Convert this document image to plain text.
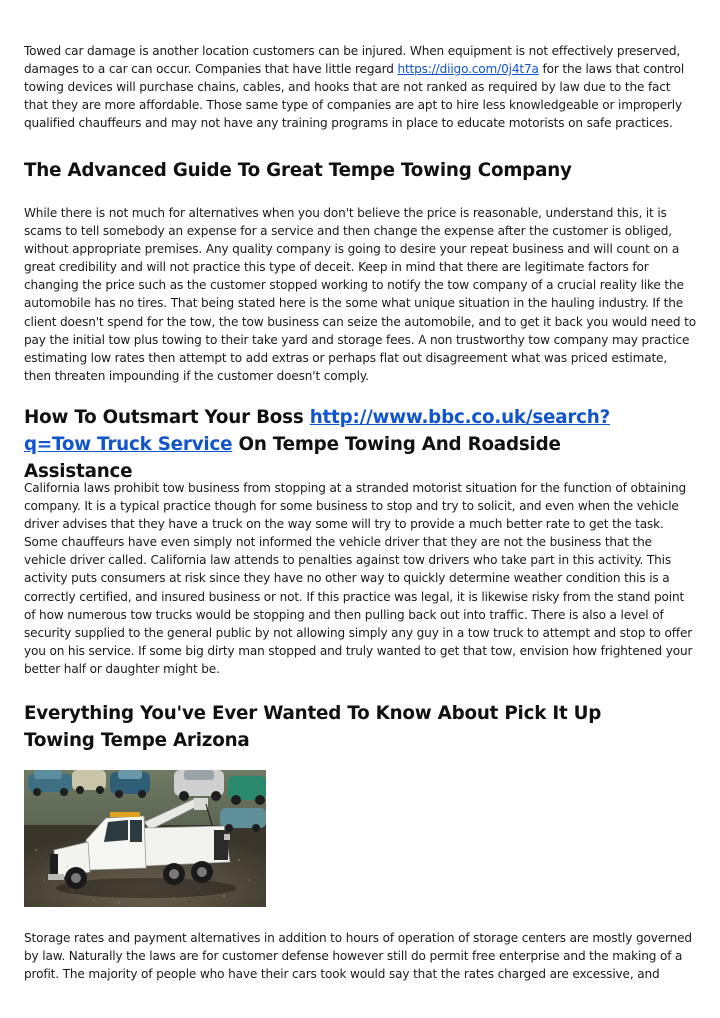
Towed car damage is another location customers can be injured. When equipment is not effectively preserved, damages to a car can occur. Companies that have little regard https://diigo.com/0j4t7a for the laws that control towing devices will purchase chains, cables, and hooks that are not ranked as required by law due to the fact that they are more affordable. Those same type of companies are apt to hire less knowledgeable or improperly qualified chauffeurs and may not have any training programs in place to educate motorists on safe practices.

The Advanced Guide To Great Tempe Towing Company

While there is not much for alternatives when you don't believe the price is reasonable, understand this, it is scams to tell somebody an expense for a service and then change the expense after the customer is obliged, without appropriate premises. Any quality company is going to desire your repeat business and will count on a great credibility and will not practice this type of deceit. Keep in mind that there are legitimate factors for changing the price such as the customer stopped working to notify the tow company of a crucial reality like the automobile has no tires. That being stated here is the some what unique situation in the hauling industry. If the client doesn't spend for the tow, the tow business can seize the automobile, and to get it back you would need to pay the initial tow plus towing to their take yard and storage fees. A non trustworthy tow company may practice estimating low rates then attempt to add extras or perhaps flat out disagreement what was priced estimate, then threaten impounding if the customer doesn't comply.

How To Outsmart Your Boss http://www.bbc.co.uk/search?q=Tow Truck Service On Tempe Towing And Roadside Assistance

California laws prohibit tow business from stopping at a stranded motorist situation for the function of obtaining company. It is a typical practice though for some business to stop and try to solicit, and even when the vehicle driver advises that they have a truck on the way some will try to provide a much better rate to get the task. Some chauffeurs have even simply not informed the vehicle driver that they are not the business that the vehicle driver called. California law attends to penalties against tow drivers who take part in this activity. This activity puts consumers at risk since they have no other way to quickly determine weather condition this is a correctly certified, and insured business or not. If this practice was legal, it is likewise risky from the stand point of how numerous tow trucks would be stopping and then pulling back out into traffic. There is also a level of security supplied to the general public by not allowing simply any guy in a tow truck to attempt and stop to offer you on his service. If some big dirty man stopped and truly wanted to get that tow, envision how frightened your better half or daughter might be.

Everything You've Ever Wanted To Know About Pick It Up Towing Tempe Arizona

Storage rates and payment alternatives in addition to hours of operation of storage centers are mostly governed by law. Naturally the laws are for customer defense however still do permit free enterprise and the making of a profit. The majority of people who have their cars took would say that the rates charged are excessive, and
